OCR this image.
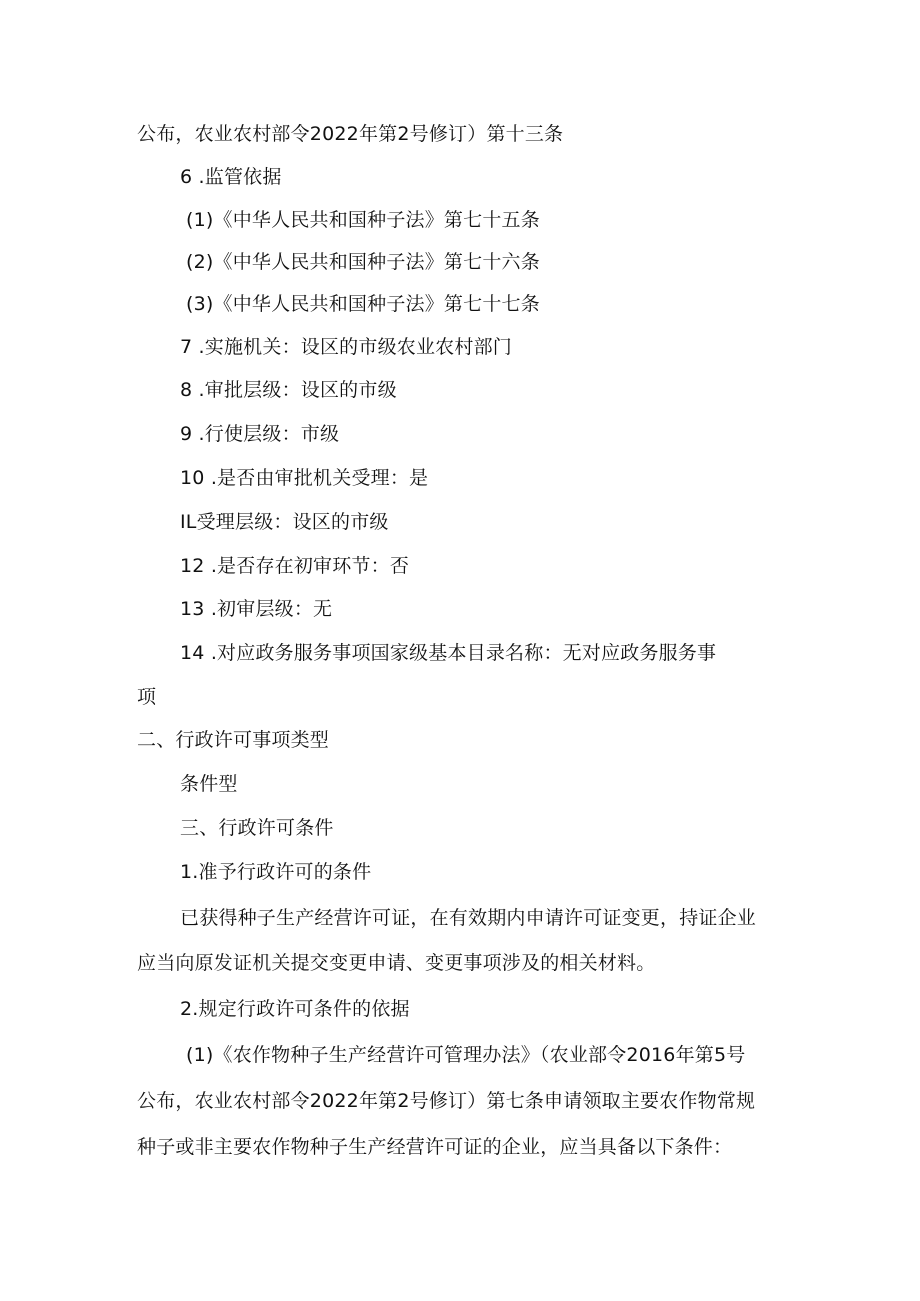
公布，农业农村部令2022年第2号修订）第十三条
6 .监管依据
(1)《中华人民共和国种子法》第七十五条
(2)《中华人民共和国种子法》第七十六条
(3)《中华人民共和国种子法》第七十七条
7 .实施机关：设区的市级农业农村部门
8 .审批层级：设区的市级
9 .行使层级：市级
10 .是否由审批机关受理：是
IL受理层级：设区的市级
12 .是否存在初审环节：否
13 .初审层级：无
14 .对应政务服务事项国家级基本目录名称：无对应政务服务事
项
二、行政许可事项类型
条件型
三、行政许可条件
1.准予行政许可的条件
已获得种子生产经营许可证，在有效期内申请许可证变更，持证企业
应当向原发证机关提交变更申请、变更事项涉及的相关材料。
2.规定行政许可条件的依据
(1)《农作物种子生产经营许可管理办法》（农业部令2016年第5号
公布，农业农村部令2022年第2号修订）第七条申请领取主要农作物常规
种子或非主要农作物种子生产经营许可证的企业，应当具备以下条件：
